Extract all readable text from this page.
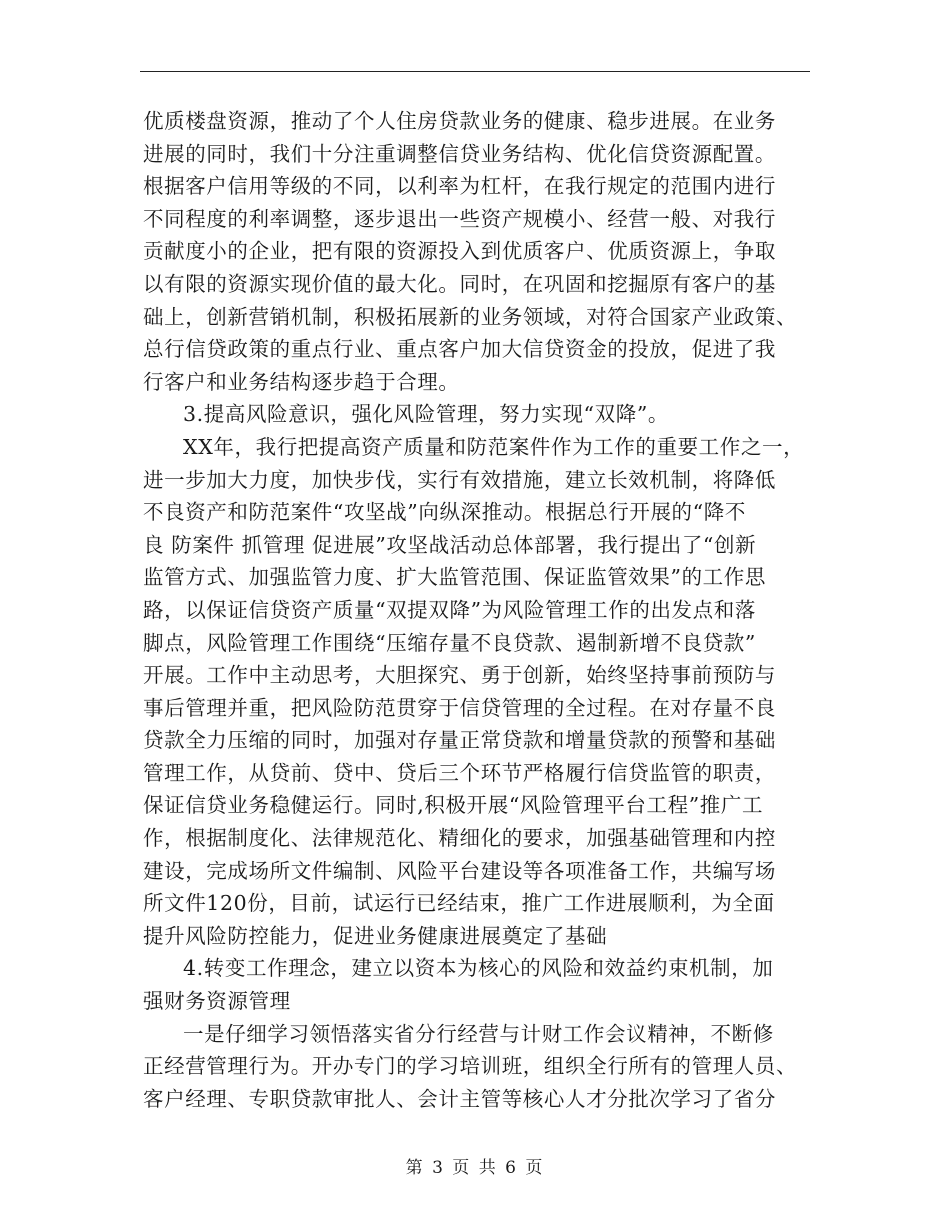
优质楼盘资源，推动了个人住房贷款业务的健康、稳步进展。在业务
进展的同时，我们十分注重调整信贷业务结构、优化信贷资源配置。
根据客户信用等级的不同，以利率为杠杆，在我行规定的范围内进行
不同程度的利率调整，逐步退出一些资产规模小、经营一般、对我行
贡献度小的企业，把有限的资源投入到优质客户、优质资源上，争取
以有限的资源实现价值的最大化。同时，在巩固和挖掘原有客户的基
础上，创新营销机制，积极拓展新的业务领域，对符合国家产业政策、
总行信贷政策的重点行业、重点客户加大信贷资金的投放，促进了我
行客户和业务结构逐步趋于合理。
3.提高风险意识，强化风险管理，努力实现“双降”。
XX年，我行把提高资产质量和防范案件作为工作的重要工作之一，
进一步加大力度，加快步伐，实行有效措施，建立长效机制，将降低
不良资产和防范案件“攻坚战”向纵深推动。根据总行开展的“降不
良 防案件 抓管理 促进展”攻坚战活动总体部署，我行提出了“创新
监管方式、加强监管力度、扩大监管范围、保证监管效果”的工作思
路，以保证信贷资产质量“双提双降”为风险管理工作的出发点和落
脚点，风险管理工作围绕“压缩存量不良贷款、遏制新增不良贷款”
开展。工作中主动思考，大胆探究、勇于创新，始终坚持事前预防与
事后管理并重，把风险防范贯穿于信贷管理的全过程。在对存量不良
贷款全力压缩的同时，加强对存量正常贷款和增量贷款的预警和基础
管理工作，从贷前、贷中、贷后三个环节严格履行信贷监管的职责，
保证信贷业务稳健运行。同时,积极开展“风险管理平台工程”推广工
作，根据制度化、法律规范化、精细化的要求，加强基础管理和内控
建设，完成场所文件编制、风险平台建设等各项准备工作，共编写场
所文件120份，目前，试运行已经结束，推广工作进展顺利，为全面
提升风险防控能力，促进业务健康进展奠定了基础
4.转变工作理念，建立以资本为核心的风险和效益约束机制，加
强财务资源管理
一是仔细学习领悟落实省分行经营与计财工作会议精神，不断修
正经营管理行为。开办专门的学习培训班，组织全行所有的管理人员、
客户经理、专职贷款审批人、会计主管等核心人才分批次学习了省分
第 3 页 共 6 页
